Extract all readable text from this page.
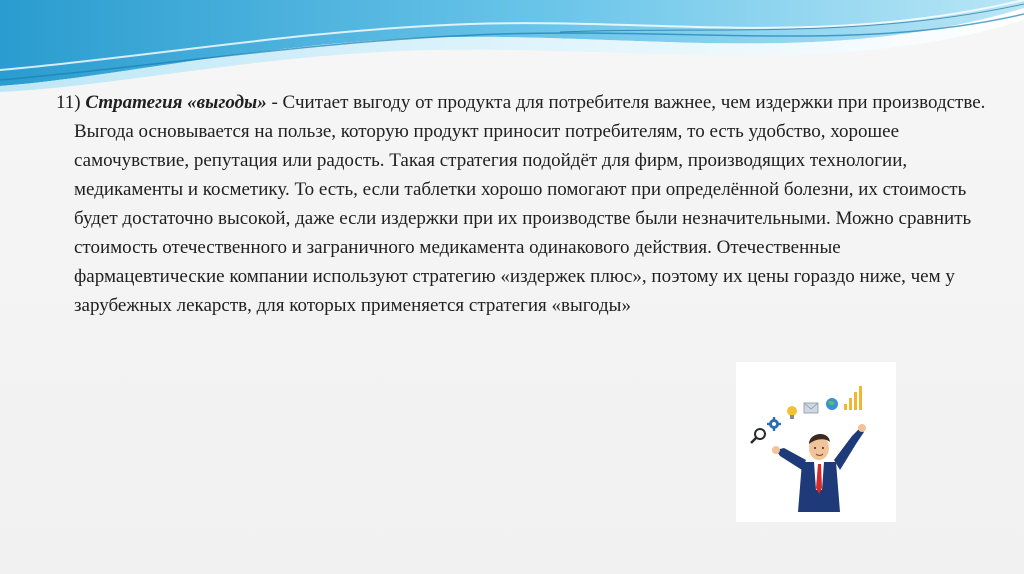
11) Стратегия «выгоды» - Считает выгоду от продукта для потребителя важнее, чем издержки при производстве. Выгода основывается на пользе, которую продукт приносит потребителям, то есть удобство, хорошее самочувствие, репутация или радость. Такая стратегия подойдёт для фирм, производящих технологии, медикаменты и косметику. То есть, если таблетки хорошо помогают при определённой болезни, их стоимость будет достаточно высокой, даже если издержки при их производстве были незначительными. Можно сравнить стоимость отечественного и заграничного медикамента одинакового действия. Отечественные фармацевтические компании используют стратегию «издержек плюс», поэтому их цены гораздо ниже, чем у зарубежных лекарств, для которых применяется стратегия «выгоды»
